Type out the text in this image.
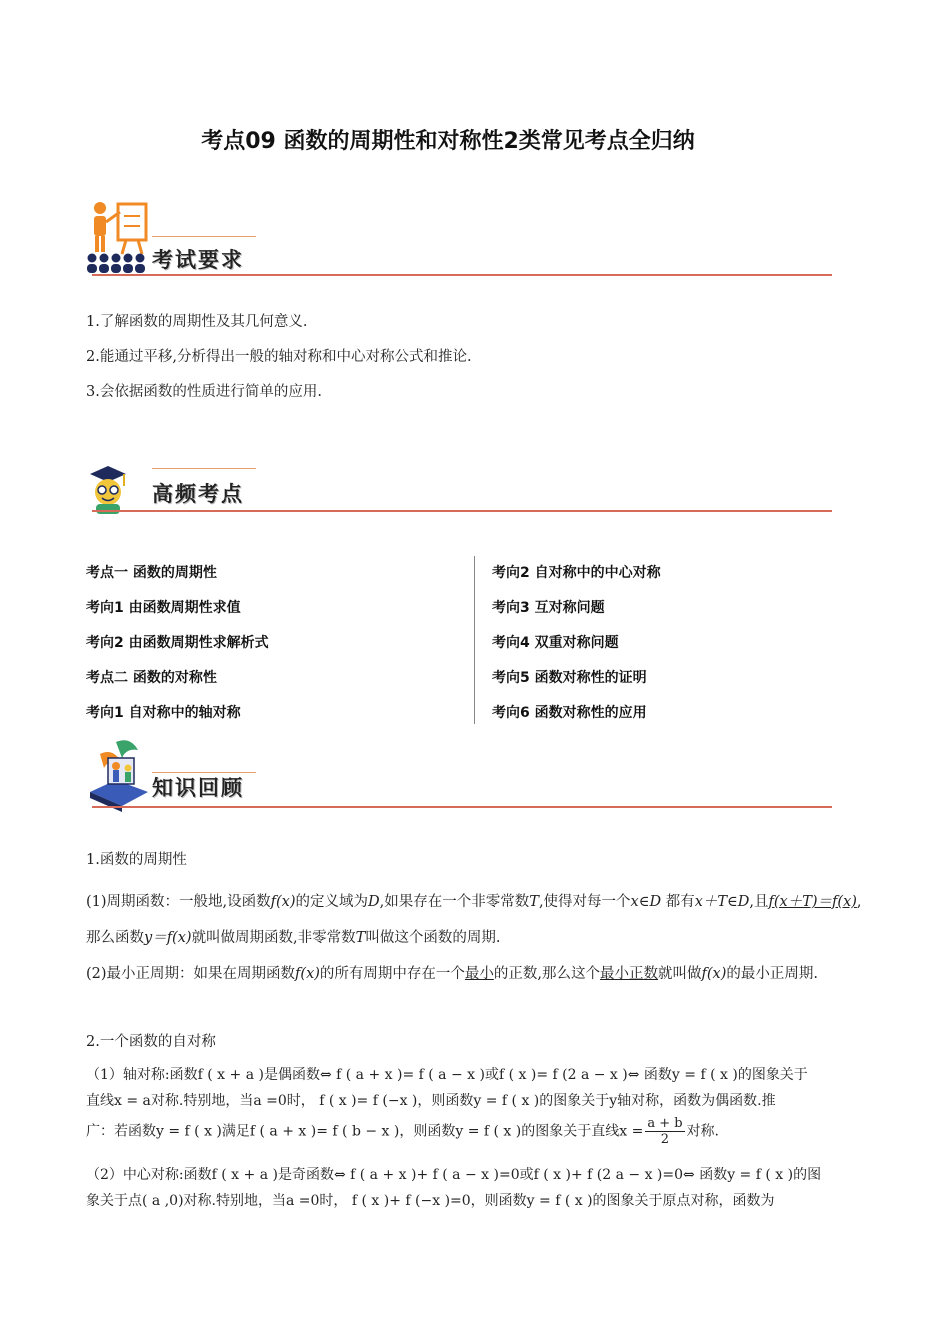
考点09 函数的周期性和对称性2类常见考点全归纳
考试要求
1.了解函数的周期性及其几何意义.
2.能通过平移,分析得出一般的轴对称和中心对称公式和推论.
3.会依据函数的性质进行简单的应用.
高频考点
考点一 函数的周期性
考向1 由函数周期性求值
考向2 由函数周期性求解析式
考点二 函数的对称性
考向1 自对称中的轴对称
考向2 自对称中的中心对称
考向3 互对称问题
考向4 双重对称问题
考向5 函数对称性的证明
考向6 函数对称性的应用
知识回顾
1.函数的周期性
(1)周期函数：一般地,设函数f(x)的定义域为D,如果存在一个非零常数T,使得对每一个x∈D 都有x＋T∈D,且f(x＋T)＝f(x),那么函数y＝f(x)就叫做周期函数,非零常数T叫做这个函数的周期.
(2)最小正周期：如果在周期函数f(x)的所有周期中存在一个最小的正数,那么这个最小正数就叫做f(x)的最小正周期.
2.一个函数的自对称
（1）轴对称:函数f ( x + a )是偶函数⇔ f ( a + x )= f ( a − x )或f ( x )= f (2 a − x )⇔ 函数y = f ( x )的图象关于
直线x = a对称.特别地，当a =0时， f ( x )= f (−x )，则函数y = f ( x )的图象关于y轴对称，函数为偶函数.推
广：若函数y = f ( x )满足f ( a + x )= f ( b − x )，则函数y = f ( x )的图象关于直线$x = \frac{a + b}{2}$ 对称.
（2）中心对称:函数f ( x + a )是奇函数⇔ f ( a + x )+ f ( a − x )=0或f ( x )+ f (2 a − x )=0⇔ 函数y = f ( x )的图
象关于点( a ,0)对称.特别地，当a =0时， f ( x )+ f (−x )=0，则函数y = f ( x )的图象关于原点对称，函数为
